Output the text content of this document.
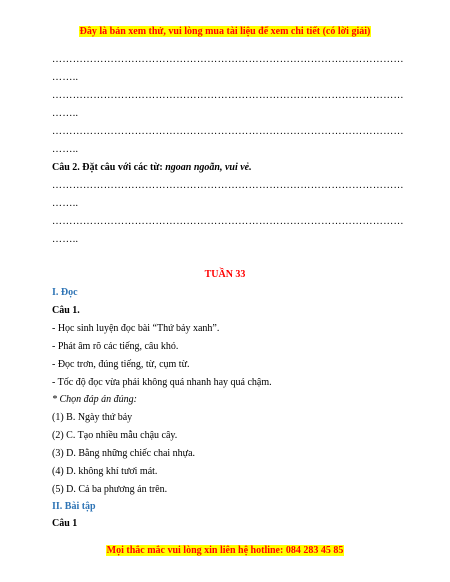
Đây là bản xem thử, vui lòng mua tài liệu để xem chi tiết (có lời giải)
…………………………………………………………………………………………
……..
…………………………………………………………………………………………
……..
…………………………………………………………………………………………
……..
Câu 2. Đặt câu với các từ: ngoan ngoãn, vui vẻ.
…………………………………………………………………………………………
……..
…………………………………………………………………………………………
……..
TUẦN 33
I. Đọc
Câu 1.
- Học sinh luyện đọc bài “Thứ bảy xanh”.
- Phát âm rõ các tiếng, câu khó.
- Đọc trơn, đúng tiếng, từ, cụm từ.
- Tốc độ đọc vừa phải không quá nhanh hay quá chậm.
* Chọn đáp án đúng:
(1) B. Ngày thứ bảy
(2) C. Tạo nhiều mẫu chậu cây.
(3) D. Bằng những chiếc chai nhựa.
(4) D. không khí tươi mát.
(5) D. Cả ba phương án trên.
II. Bài tập
Câu 1
Mọi thắc mắc vui lòng xin liên hệ hotline: 084 283 45 85
